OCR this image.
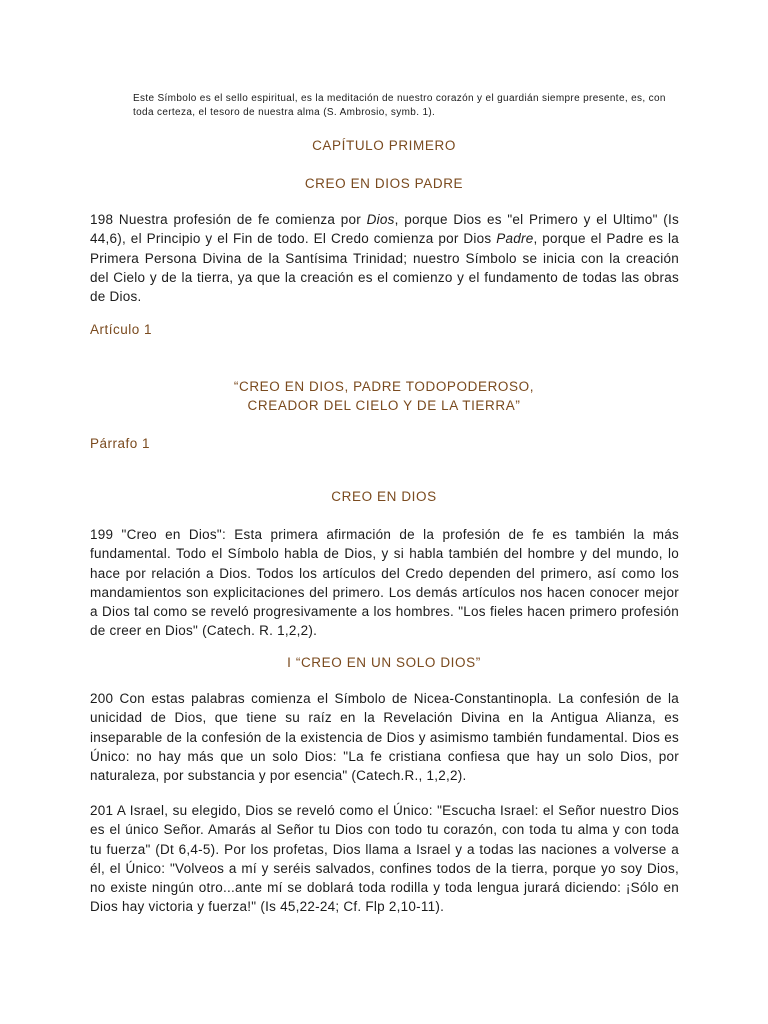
Este Símbolo es el sello espiritual, es la meditación de nuestro corazón y el guardián siempre presente, es, con toda certeza, el tesoro de nuestra alma (S. Ambrosio, symb. 1).
CAPÍTULO PRIMERO
CREO EN DIOS PADRE
198 Nuestra profesión de fe comienza por Dios, porque Dios es "el Primero y el Ultimo" (Is 44,6), el Principio y el Fin de todo. El Credo comienza por Dios Padre, porque el Padre es la Primera Persona Divina de la Santísima Trinidad; nuestro Símbolo se inicia con la creación del Cielo y de la tierra, ya que la creación es el comienzo y el fundamento de todas las obras de Dios.
Artículo 1
“CREO EN DIOS, PADRE TODOPODEROSO,
CREADOR DEL CIELO Y DE LA TIERRA”
Párrafo 1
CREO EN DIOS
199 "Creo en Dios": Esta primera afirmación de la profesión de fe es también la más fundamental. Todo el Símbolo habla de Dios, y si habla también del hombre y del mundo, lo hace por relación a Dios. Todos los artículos del Credo dependen del primero, así como los mandamientos son explicitaciones del primero. Los demás artículos nos hacen conocer mejor a Dios tal como se reveló progresivamente a los hombres. "Los fieles hacen primero profesión de creer en Dios" (Catech. R. 1,2,2).
I “CREO EN UN SOLO DIOS”
200 Con estas palabras comienza el Símbolo de Nicea-Constantinopla. La confesión de la unicidad de Dios, que tiene su raíz en la Revelación Divina en la Antigua Alianza, es inseparable de la confesión de la existencia de Dios y asimismo también fundamental. Dios es Único: no hay más que un solo Dios: "La fe cristiana confiesa que hay un solo Dios, por naturaleza, por substancia y por esencia" (Catech.R., 1,2,2).
201 A Israel, su elegido, Dios se reveló como el Único: "Escucha Israel: el Señor nuestro Dios es el único Señor. Amarás al Señor tu Dios con todo tu corazón, con toda tu alma y con toda tu fuerza" (Dt 6,4-5). Por los profetas, Dios llama a Israel y a todas las naciones a volverse a él, el Único: "Volveos a mí y seréis salvados, confines todos de la tierra, porque yo soy Dios, no existe ningún otro...ante mí se doblará toda rodilla y toda lengua jurará diciendo: ¡Sólo en Dios hay victoria y fuerza!" (Is 45,22-24; Cf. Flp 2,10-11).
